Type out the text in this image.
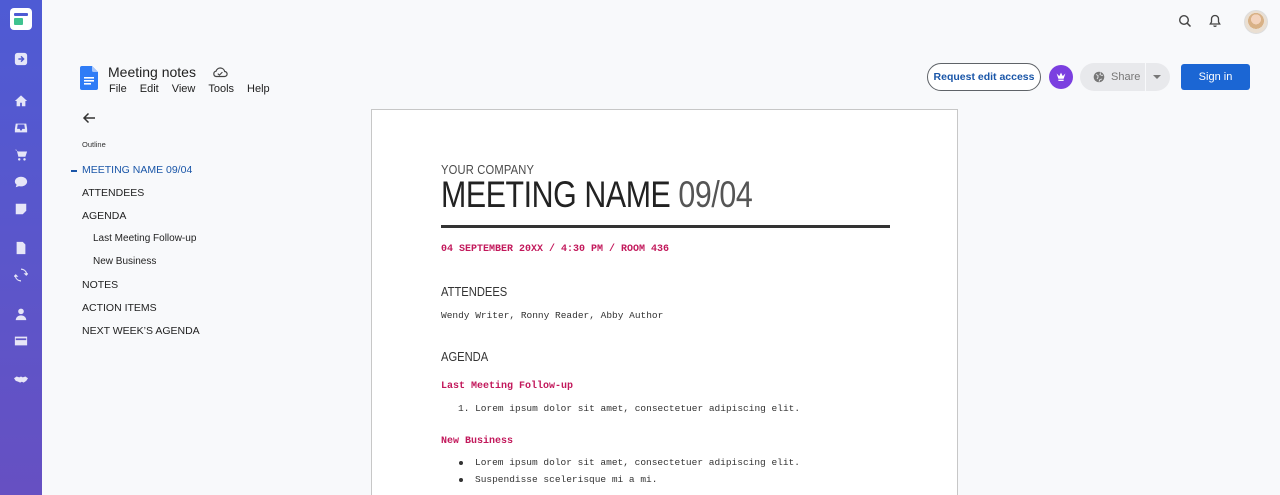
Meeting notes
File Edit View Tools Help
Request edit access	Share	Sign in
Outline
MEETING NAME 09/04
ATTENDEES
AGENDA
Last Meeting Follow-up
New Business
NOTES
ACTION ITEMS
NEXT WEEK’S AGENDA
YOUR COMPANY
MEETING NAME 09/04
04 SEPTEMBER 20XX / 4:30 PM / ROOM 436
ATTENDEES
Wendy Writer, Ronny Reader, Abby Author
AGENDA
Last Meeting Follow-up
1. Lorem ipsum dolor sit amet, consectetuer adipiscing elit.
New Business
Lorem ipsum dolor sit amet, consectetuer adipiscing elit.
Suspendisse scelerisque mi a mi.
